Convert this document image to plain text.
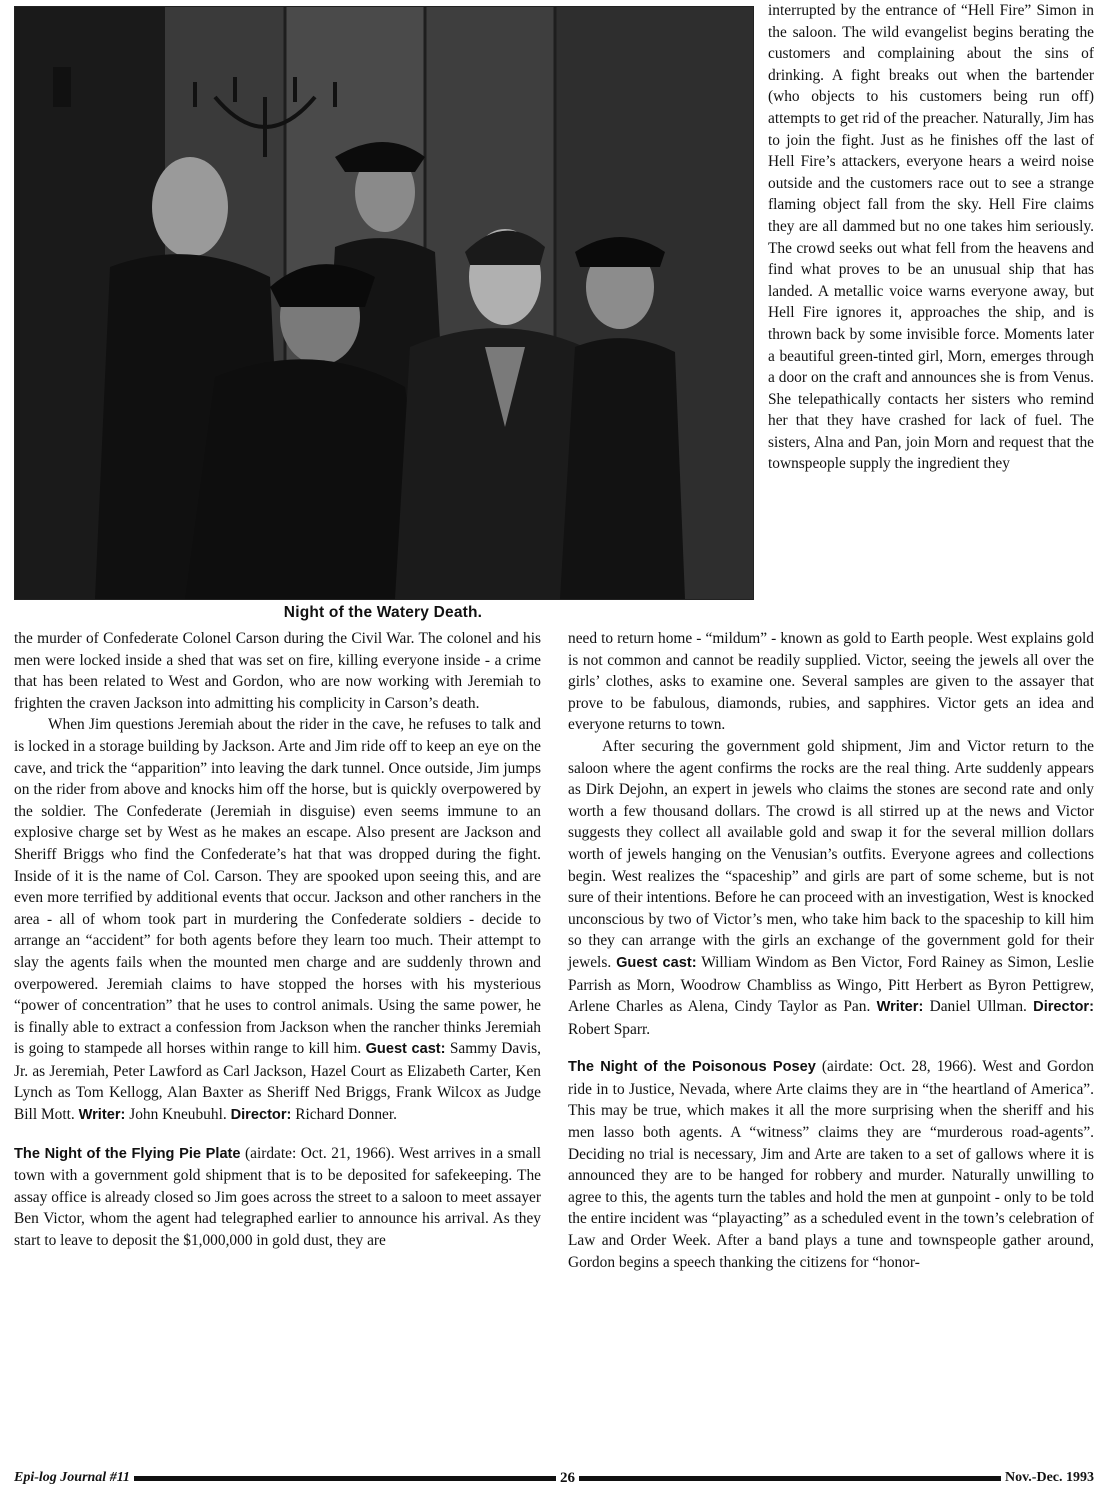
Night of the Watery Death.

interrupted by the entrance of “Hell Fire” Simon in the saloon. The wild evangelist begins berating the customers and complaining about the sins of drinking. A fight breaks out when the bartender (who objects to his customers being run off) attempts to get rid of the preacher. Naturally, Jim has to join the fight. Just as he finishes off the last of Hell Fire’s attackers, everyone hears a weird noise outside and the customers race out to see a strange flaming object fall from the sky. Hell Fire claims they are all dammed but no one takes him seriously. The crowd seeks out what fell from the heavens and find what proves to be an unusual ship that has landed. A metallic voice warns everyone away, but Hell Fire ignores it, approaches the ship, and is thrown back by some invisible force. Moments later a beautiful green-tinted girl, Morn, emerges through a door on the craft and announces she is from Venus. She telepathically contacts her sisters who remind her that they have crashed for lack of fuel. The sisters, Alna and Pan, join Morn and request that the townspeople supply the ingredient they

the murder of Confederate Colonel Carson during the Civil War. The colonel and his men were locked inside a shed that was set on fire, killing everyone inside - a crime that has been related to West and Gordon, who are now working with Jeremiah to frighten the craven Jackson into admitting his complicity in Carson’s death.

When Jim questions Jeremiah about the rider in the cave, he refuses to talk and is locked in a storage building by Jackson. Arte and Jim ride off to keep an eye on the cave, and trick the “apparition” into leaving the dark tunnel. Once outside, Jim jumps on the rider from above and knocks him off the horse, but is quickly overpowered by the soldier. The Confederate (Jeremiah in disguise) even seems immune to an explosive charge set by West as he makes an escape. Also present are Jackson and Sheriff Briggs who find the Confederate’s hat that was dropped during the fight. Inside of it is the name of Col. Carson. They are spooked upon seeing this, and are even more terrified by additional events that occur. Jackson and other ranchers in the area - all of whom took part in murdering the Confederate soldiers - decide to arrange an “accident” for both agents before they learn too much. Their attempt to slay the agents fails when the mounted men charge and are suddenly thrown and overpowered. Jeremiah claims to have stopped the horses with his mysterious “power of concentration” that he uses to control animals. Using the same power, he is finally able to extract a confession from Jackson when the rancher thinks Jeremiah is going to stampede all horses within range to kill him. Guest cast: Sammy Davis, Jr. as Jeremiah, Peter Lawford as Carl Jackson, Hazel Court as Elizabeth Carter, Ken Lynch as Tom Kellogg, Alan Baxter as Sheriff Ned Briggs, Frank Wilcox as Judge Bill Mott. Writer: John Kneubuhl. Director: Richard Donner.

The Night of the Flying Pie Plate (airdate: Oct. 21, 1966). West arrives in a small town with a government gold shipment that is to be deposited for safekeeping. The assay office is already closed so Jim goes across the street to a saloon to meet assayer Ben Victor, whom the agent had telegraphed earlier to announce his arrival. As they start to leave to deposit the $1,000,000 in gold dust, they are

need to return home - “mildum” - known as gold to Earth people. West explains gold is not common and cannot be readily supplied. Victor, seeing the jewels all over the girls’ clothes, asks to examine one. Several samples are given to the assayer that prove to be fabulous, diamonds, rubies, and sapphires. Victor gets an idea and everyone returns to town.

After securing the government gold shipment, Jim and Victor return to the saloon where the agent confirms the rocks are the real thing. Arte suddenly appears as Dirk Dejohn, an expert in jewels who claims the stones are second rate and only worth a few thousand dollars. The crowd is all stirred up at the news and Victor suggests they collect all available gold and swap it for the several million dollars worth of jewels hanging on the Venusian’s outfits. Everyone agrees and collections begin. West realizes the “spaceship” and girls are part of some scheme, but is not sure of their intentions. Before he can proceed with an investigation, West is knocked unconscious by two of Victor’s men, who take him back to the spaceship to kill him so they can arrange with the girls an exchange of the government gold for their jewels. Guest cast: William Windom as Ben Victor, Ford Rainey as Simon, Leslie Parrish as Morn, Woodrow Chambliss as Wingo, Pitt Herbert as Byron Pettigrew, Arlene Charles as Alena, Cindy Taylor as Pan. Writer: Daniel Ullman. Director: Robert Sparr.

The Night of the Poisonous Posey (airdate: Oct. 28, 1966). West and Gordon ride in to Justice, Nevada, where Arte claims they are in “the heartland of America”. This may be true, which makes it all the more surprising when the sheriff and his men lasso both agents. A “witness” claims they are “murderous road-agents”. Deciding no trial is necessary, Jim and Arte are taken to a set of gallows where it is announced they are to be hanged for robbery and murder. Naturally unwilling to agree to this, the agents turn the tables and hold the men at gunpoint - only to be told the entire incident was “playacting” as a scheduled event in the town’s celebration of Law and Order Week. After a band plays a tune and townspeople gather around, Gordon begins a speech thanking the citizens for “honor-

Epi-log Journal #11	26	Nov.-Dec. 1993
